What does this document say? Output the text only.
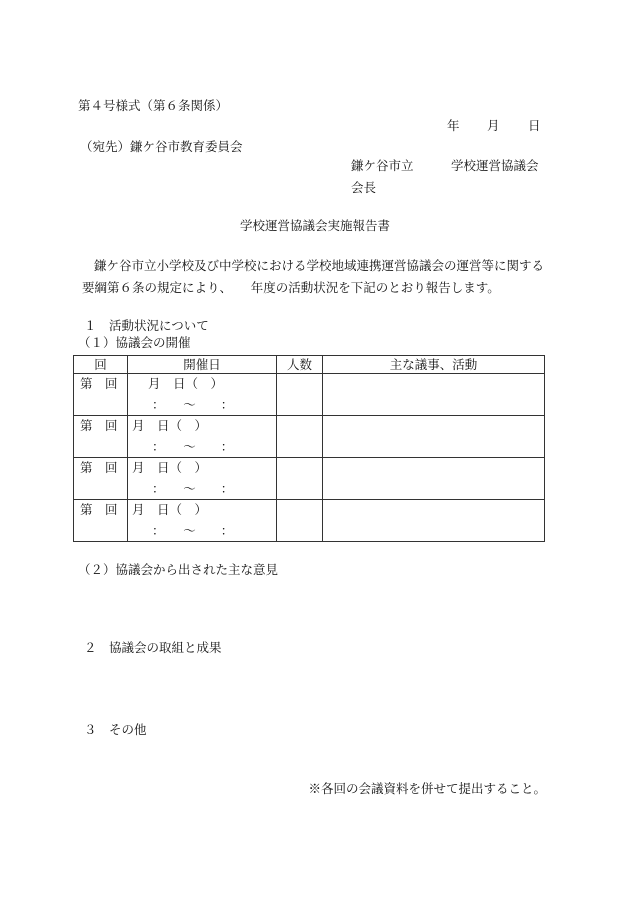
第４号様式（第６条関係）
年 月 日
（宛先）鎌ケ谷市教育委員会
鎌ケ谷市立　　　学校運営協議会
会長
学校運営協議会実施報告書
鎌ケ谷市立小学校及び中学校における学校地域連携運営協議会の運営等に関する要綱第６条の規定により、　　年度の活動状況を下記のとおり報告します。
１　活動状況について
（１）協議会の開催
回	開催日	人数	主な議事、活動
第　回	月　日（　）
：　　～　　：		

第　回	月　日（　）
：　　～　　：		

第　回	月　日（　）
：　　～　　：		

第　回	月　日（　）
：　　～　　：		

（２）協議会から出された主な意見
２　協議会の取組と成果
３　その他
※各回の会議資料を併せて提出すること。
